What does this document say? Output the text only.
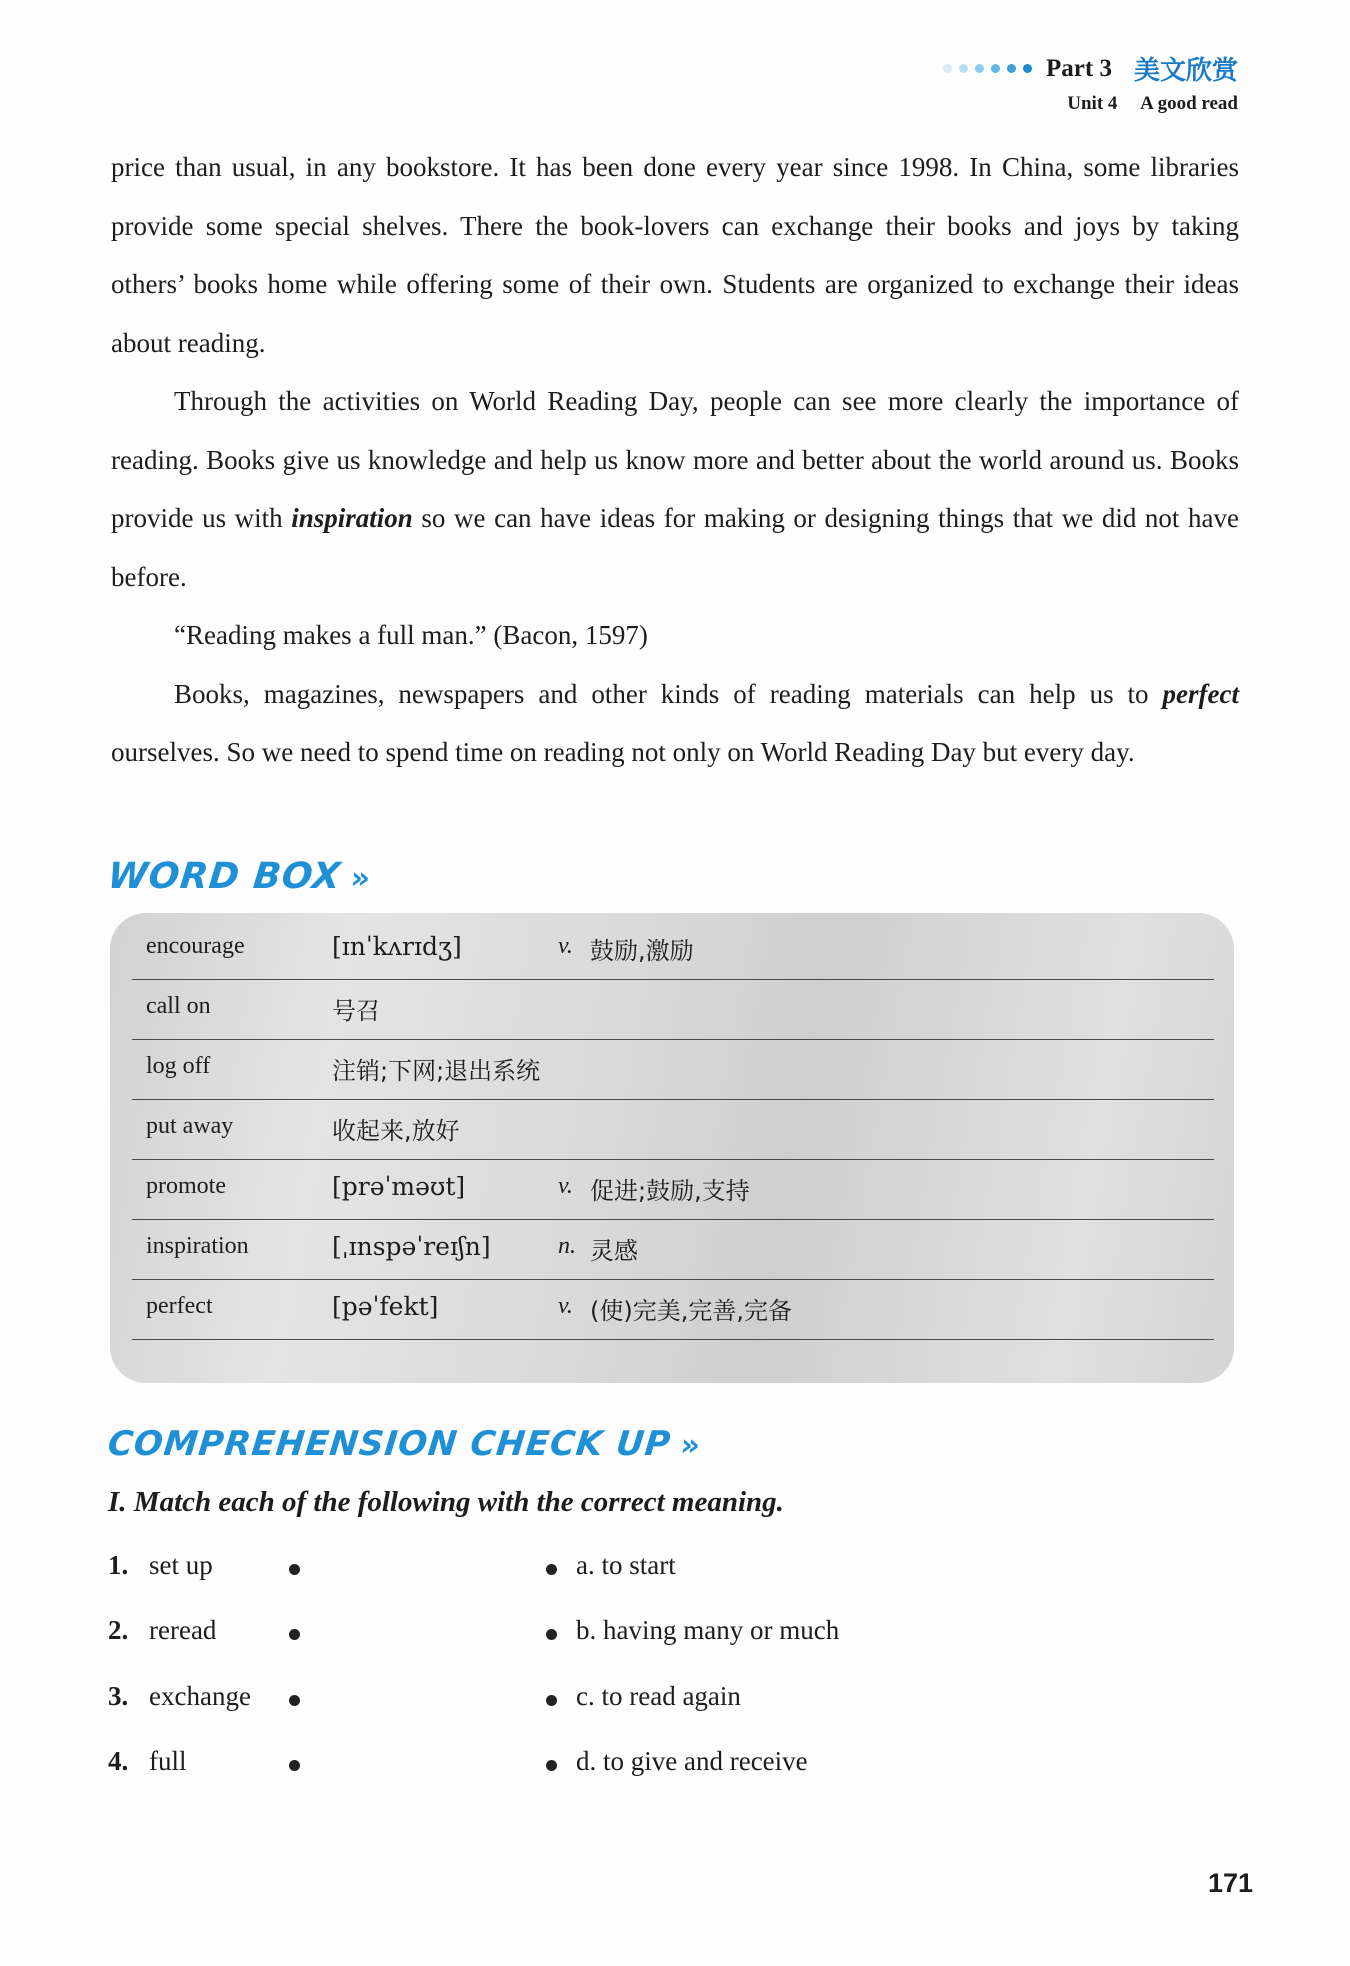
Part 3 美文欣赏
Unit 4 A good read

price than usual, in any bookstore. It has been done every year since 1998. In China, some libraries provide some special shelves. There the book-lovers can exchange their books and joys by taking others’ books home while offering some of their own. Students are organized to exchange their ideas about reading.

Through the activities on World Reading Day, people can see more clearly the importance of reading. Books give us knowledge and help us know more and better about the world around us. Books provide us with inspiration so we can have ideas for making or designing things that we did not have before.

“Reading makes a full man.” (Bacon, 1597)

Books, magazines, newspapers and other kinds of reading materials can help us to perfect ourselves. So we need to spend time on reading not only on World Reading Day but every day.

WORD BOX »
encourage	[ɪnˈkʌrɪdʒ]	v. 鼓励,激励
call on	号召
log off	注销;下网;退出系统
put away	收起来,放好
promote	[prəˈməʊt]	v. 促进;鼓励,支持
inspiration	[ˌɪnspəˈreɪʃn]	n. 灵感
perfect	[pəˈfekt]	v. (使)完美,完善,完备
COMPREHENSION CHECK UP »
I. Match each of the following with the correct meaning.
1. set up	a. to start
2. reread	b. having many or much
3. exchange	c. to read again
4. full	d. to give and receive
171
